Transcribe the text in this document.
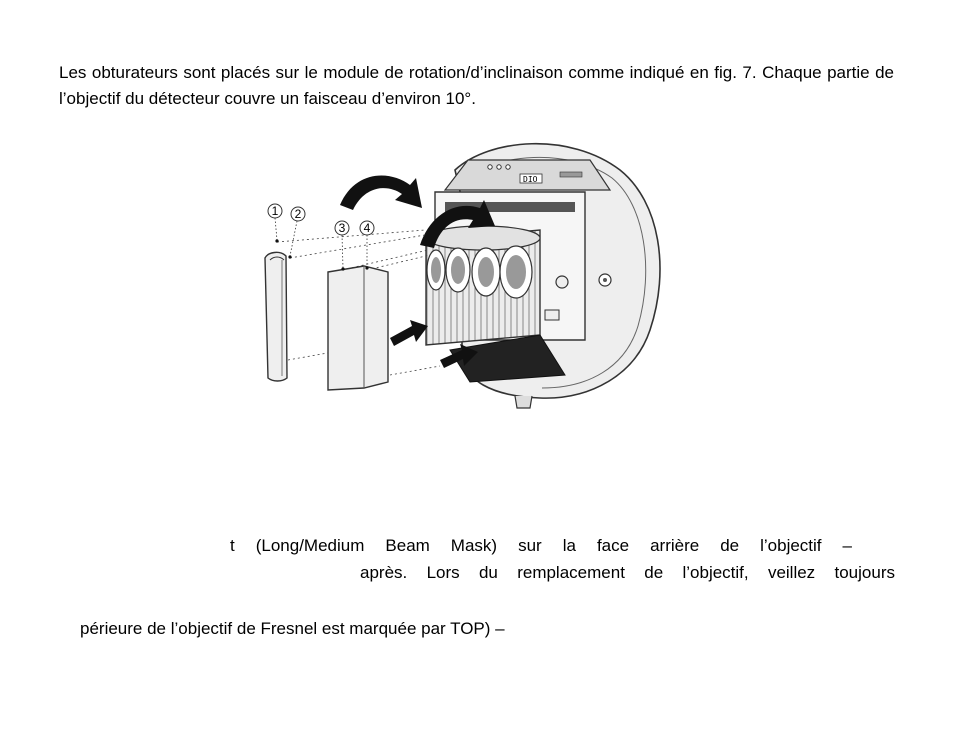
Les obturateurs sont placés sur le module de rotation/d’inclinaison comme indiqué en fig. 7. Chaque partie de l’objectif du détecteur couvre un faisceau d’environ 10°.

DIO
1 2
3 4

t (Long/Medium Beam Mask) sur la face arrière de l’objectif –

après. Lors du remplacement de l’objectif, veillez toujours

périeure de l’objectif de Fresnel est marquée par TOP) –
